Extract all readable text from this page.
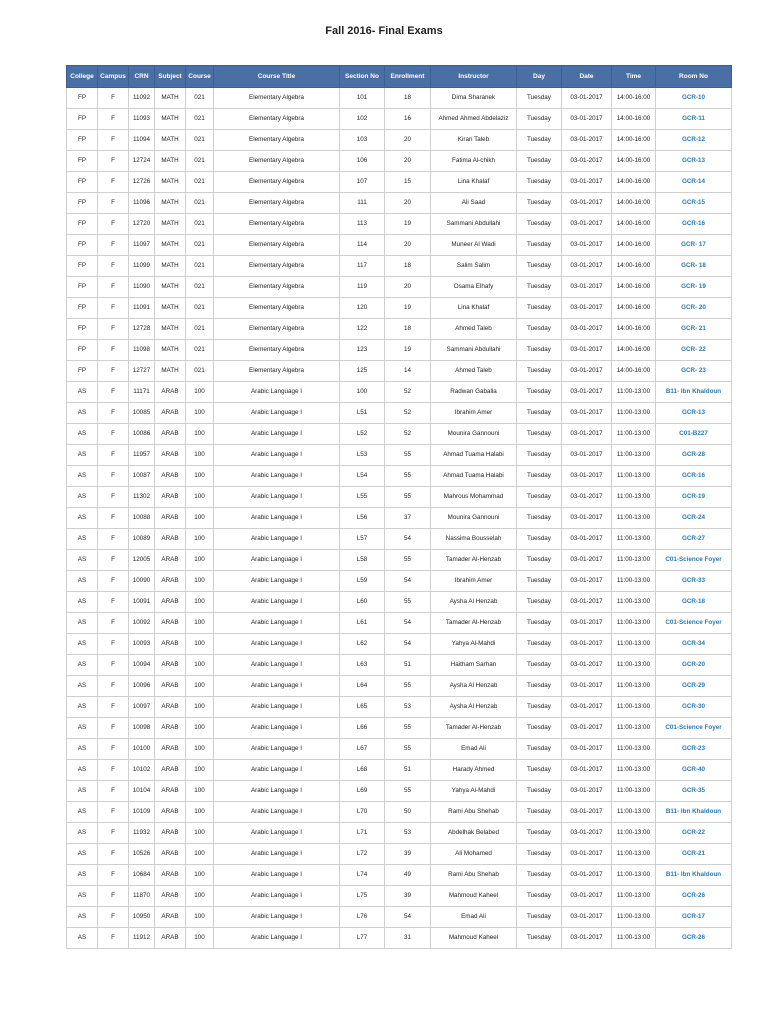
Fall 2016- Final Exams
College	Campus	CRN	Subject	Course	Course Title	Section No	Enrollment	Instructor	Day	Date	Time	Room No
FP	F	11092	MATH	021	Elementary Algebra	101	18	Dima Sharanek	Tuesday	03-01-2017	14:00-16:00	GCR-10
FP	F	11093	MATH	021	Elementary Algebra	102	16	Ahmed Ahmed Abdelaziz	Tuesday	03-01-2017	14:00-16:00	GCR-11
FP	F	11094	MATH	021	Elementary Algebra	103	20	Kiran Taleb	Tuesday	03-01-2017	14:00-16:00	GCR-12
FP	F	12724	MATH	021	Elementary Algebra	106	20	Fatima Al-chikh	Tuesday	03-01-2017	14:00-16:00	GCR-13
FP	F	12726	MATH	021	Elementary Algebra	107	15	Lina Khalaf	Tuesday	03-01-2017	14:00-16:00	GCR-14
FP	F	11096	MATH	021	Elementary Algebra	111	20	Ali Saad	Tuesday	03-01-2017	14:00-16:00	GCR-15
FP	F	12720	MATH	021	Elementary Algebra	113	19	Sammani Abdullahi	Tuesday	03-01-2017	14:00-16:00	GCR-16
FP	F	11097	MATH	021	Elementary Algebra	114	20	Muneer Al Wadi	Tuesday	03-01-2017	14:00-16:00	GCR- 17
FP	F	11099	MATH	021	Elementary Algebra	117	18	Salim Salim	Tuesday	03-01-2017	14:00-16:00	GCR- 18
FP	F	11090	MATH	021	Elementary Algebra	119	20	Osama Elhafy	Tuesday	03-01-2017	14:00-16:00	GCR- 19
FP	F	11091	MATH	021	Elementary Algebra	120	19	Lina Khalaf	Tuesday	03-01-2017	14:00-16:00	GCR- 20
FP	F	12728	MATH	021	Elementary Algebra	122	18	Ahmed Taleb	Tuesday	03-01-2017	14:00-16:00	GCR- 21
FP	F	11098	MATH	021	Elementary Algebra	123	19	Sammani Abdullahi	Tuesday	03-01-2017	14:00-16:00	GCR- 22
FP	F	12727	MATH	021	Elementary Algebra	125	14	Ahmed Taleb	Tuesday	03-01-2017	14:00-16:00	GCR- 23
AS	F	11171	ARAB	100	Arabic Language I	100	52	Radwan Gaballa	Tuesday	03-01-2017	11:00-13:00	B11- Ibn Khaldoun
AS	F	10085	ARAB	100	Arabic Language I	L51	52	Ibrahim Amer	Tuesday	03-01-2017	11:00-13:00	GCR-13
AS	F	10086	ARAB	100	Arabic Language I	L52	52	Mounira Gannouni	Tuesday	03-01-2017	11:00-13:00	C01-B227
AS	F	11957	ARAB	100	Arabic Language I	L53	55	Ahmad Tuama Halabi	Tuesday	03-01-2017	11:00-13:00	GCR-28
AS	F	10087	ARAB	100	Arabic Language I	L54	55	Ahmad Tuama Halabi	Tuesday	03-01-2017	11:00-13:00	GCR-16
AS	F	11302	ARAB	100	Arabic Language I	L55	55	Mahrous Mohammad	Tuesday	03-01-2017	11:00-13:00	GCR-19
AS	F	10088	ARAB	100	Arabic Language I	L56	37	Mounira Gannouni	Tuesday	03-01-2017	11:00-13:00	GCR-24
AS	F	10089	ARAB	100	Arabic Language I	L57	54	Nassima Bousselah	Tuesday	03-01-2017	11:00-13:00	GCR-27
AS	F	12005	ARAB	100	Arabic Language I	L58	55	Tamader Al-Henzab	Tuesday	03-01-2017	11:00-13:00	C01-Science Foyer
AS	F	10090	ARAB	100	Arabic Language I	L59	54	Ibrahim Amer	Tuesday	03-01-2017	11:00-13:00	GCR-33
AS	F	10091	ARAB	100	Arabic Language I	L60	55	Aysha Al Henzab	Tuesday	03-01-2017	11:00-13:00	GCR-18
AS	F	10092	ARAB	100	Arabic Language I	L61	54	Tamader Al-Henzab	Tuesday	03-01-2017	11:00-13:00	C01-Science Foyer
AS	F	10093	ARAB	100	Arabic Language I	L62	54	Yahya Al-Mahdi	Tuesday	03-01-2017	11:00-13:00	GCR-34
AS	F	10094	ARAB	100	Arabic Language I	L63	51	Haitham Sarhan	Tuesday	03-01-2017	11:00-13:00	GCR-20
AS	F	10096	ARAB	100	Arabic Language I	L64	55	Aysha Al Henzab	Tuesday	03-01-2017	11:00-13:00	GCR-29
AS	F	10097	ARAB	100	Arabic Language I	L65	53	Aysha Al Henzab	Tuesday	03-01-2017	11:00-13:00	GCR-30
AS	F	10098	ARAB	100	Arabic Language I	L66	55	Tamader Al-Henzab	Tuesday	03-01-2017	11:00-13:00	C01-Science Foyer
AS	F	10100	ARAB	100	Arabic Language I	L67	55	Emad Ali	Tuesday	03-01-2017	11:00-13:00	GCR-23
AS	F	10102	ARAB	100	Arabic Language I	L68	51	Harady Ahmed	Tuesday	03-01-2017	11:00-13:00	GCR-40
AS	F	10104	ARAB	100	Arabic Language I	L69	55	Yahya Al-Mahdi	Tuesday	03-01-2017	11:00-13:00	GCR-35
AS	F	10109	ARAB	100	Arabic Language I	L70	50	Rami Abu Shehab	Tuesday	03-01-2017	11:00-13:00	B11- Ibn Khaldoun
AS	F	11932	ARAB	100	Arabic Language I	L71	53	Abdelhak Belabed	Tuesday	03-01-2017	11:00-13:00	GCR-22
AS	F	10526	ARAB	100	Arabic Language I	L72	39	Ali Mohamed	Tuesday	03-01-2017	11:00-13:00	GCR-21
AS	F	10684	ARAB	100	Arabic Language I	L74	49	Rami Abu Shehab	Tuesday	03-01-2017	11:00-13:00	B11- Ibn Khaldoun
AS	F	11870	ARAB	100	Arabic Language I	L75	39	Mahmoud Kaheel	Tuesday	03-01-2017	11:00-13:00	GCR-26
AS	F	10950	ARAB	100	Arabic Language I	L76	54	Emad Ali	Tuesday	03-01-2017	11:00-13:00	GCR-17
AS	F	11912	ARAB	100	Arabic Language I	L77	31	Mahmoud Kaheel	Tuesday	03-01-2017	11:00-13:00	GCR-26
